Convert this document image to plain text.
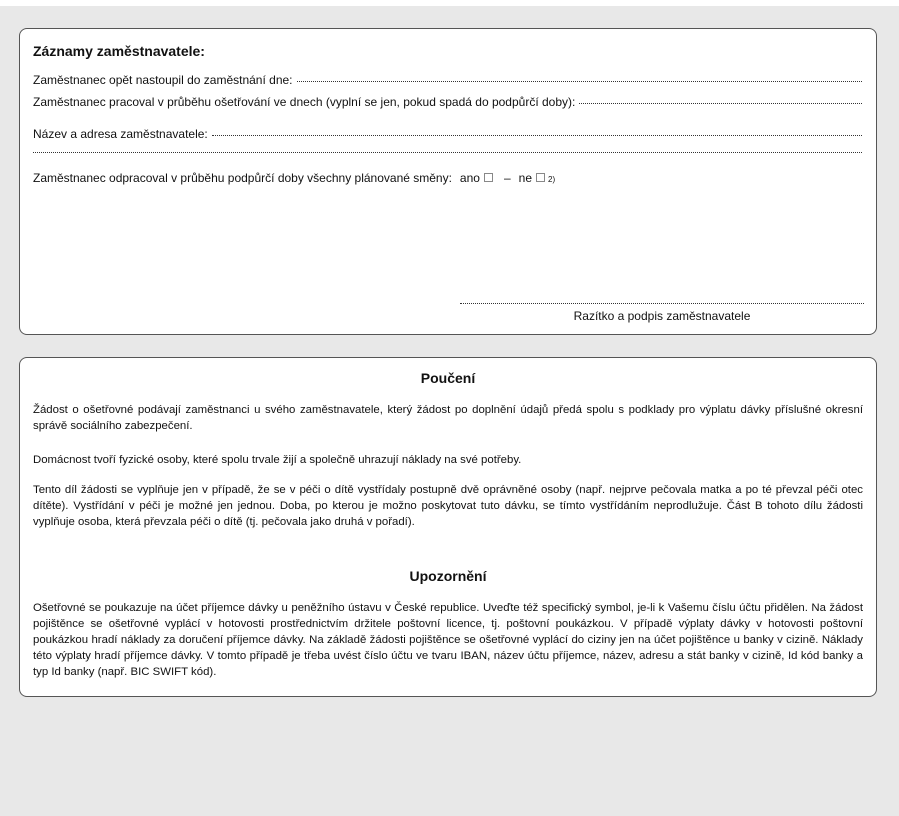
Záznamy zaměstnavatele:
Zaměstnanec opět nastoupil do zaměstnání dne:
Zaměstnanec pracoval v průběhu ošetřování ve dnech (vyplní se jen, pokud spadá do podpůrčí doby):
Název a adresa zaměstnavatele:
Zaměstnanec odpracoval v průběhu podpůrčí doby všechny plánované směny: ano – ne 2)
Razítko a podpis zaměstnavatele
Poučení
Žádost o ošetřovné podávají zaměstnanci u svého zaměstnavatele, který žádost po doplnění údajů předá spolu s podklady pro výplatu dávky příslušné okresní správě sociálního zabezpečení.
Domácnost tvoří fyzické osoby, které spolu trvale žijí a společně uhrazují náklady na své potřeby.
Tento díl žádosti se vyplňuje jen v případě, že se v péči o dítě vystřídaly postupně dvě oprávněné osoby (např. nejprve pečovala matka a po té převzal péči otec dítěte). Vystřídání v péči je možné jen jednou. Doba, po kterou je možno poskytovat tuto dávku, se tímto vystřídáním neprodlužuje. Část B tohoto dílu žádosti vyplňuje osoba, která převzala péči o dítě (tj. pečovala jako druhá v pořadí).
Upozornění
Ošetřovné se poukazuje na účet příjemce dávky u peněžního ústavu v České republice. Uveďte též specifický symbol, je-li k Vašemu číslu účtu přidělen. Na žádost pojištěnce se ošetřovné vyplácí v hotovosti prostřednictvím držitele poštovní licence, tj. poštovní poukázkou. V případě výplaty dávky v hotovosti poštovní poukázkou hradí náklady za doručení příjemce dávky. Na základě žádosti pojištěnce se ošetřovné vyplácí do ciziny jen na účet pojištěnce u banky v cizině. Náklady této výplaty hradí příjemce dávky. V tomto případě je třeba uvést číslo účtu ve tvaru IBAN, název účtu příjemce, název, adresu a stát banky v cizině, Id kód banky a typ Id banky (např. BIC SWIFT kód).
